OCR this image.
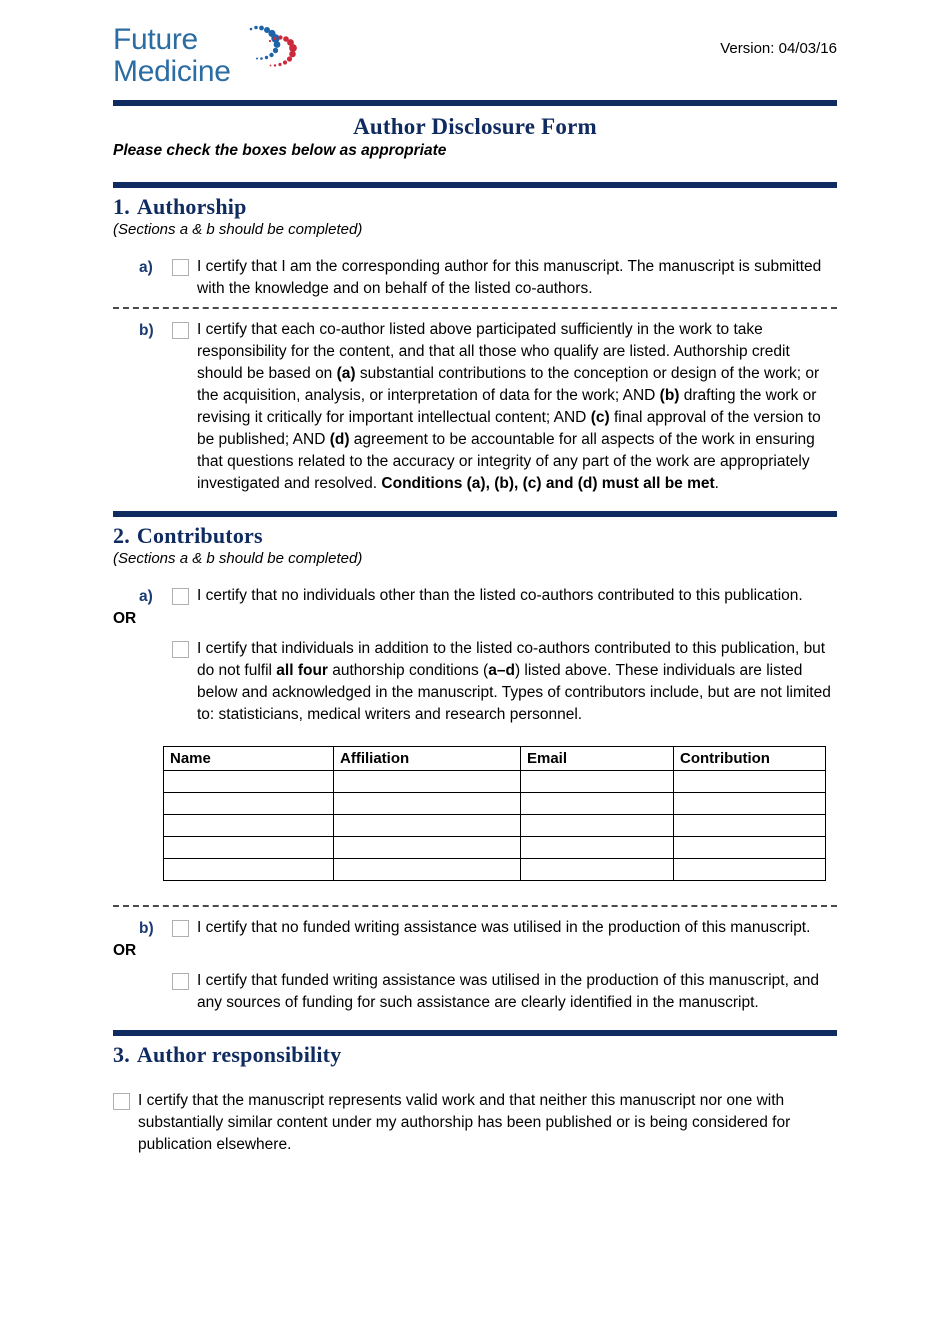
Future
Medicine
Version: 04/03/16
Author Disclosure Form
Please check the boxes below as appropriate
1. Authorship
(Sections a & b should be completed)
a)	I certify that I am the corresponding author for this manuscript. The manuscript is submitted with the knowledge and on behalf of the listed co-authors.
b)	I certify that each co-author listed above participated sufficiently in the work to take responsibility for the content, and that all those who qualify are listed. Authorship credit should be based on (a) substantial contributions to the conception or design of the work; or the acquisition, analysis, or interpretation of data for the work; AND (b) drafting the work or revising it critically for important intellectual content; AND (c) final approval of the version to be published; AND (d) agreement to be accountable for all aspects of the work in ensuring that questions related to the accuracy or integrity of any part of the work are appropriately investigated and resolved. Conditions (a), (b), (c) and (d) must all be met.
2. Contributors
(Sections a & b should be completed)
a)	I certify that no individuals other than the listed co-authors contributed to this publication.
OR

I certify that individuals in addition to the listed co-authors contributed to this publication, but do not fulfil all four authorship conditions (a–d) listed above. These individuals are listed below and acknowledged in the manuscript. Types of contributors include, but are not limited to: statisticians, medical writers and research personnel.
Name	Affiliation	Email	Contribution

b)	I certify that no funded writing assistance was utilised in the production of this manuscript.
OR

I certify that funded writing assistance was utilised in the production of this manuscript, and any sources of funding for such assistance are clearly identified in the manuscript.
3. Author responsibility
I certify that the manuscript represents valid work and that neither this manuscript nor one with substantially similar content under my authorship has been published or is being considered for publication elsewhere.
